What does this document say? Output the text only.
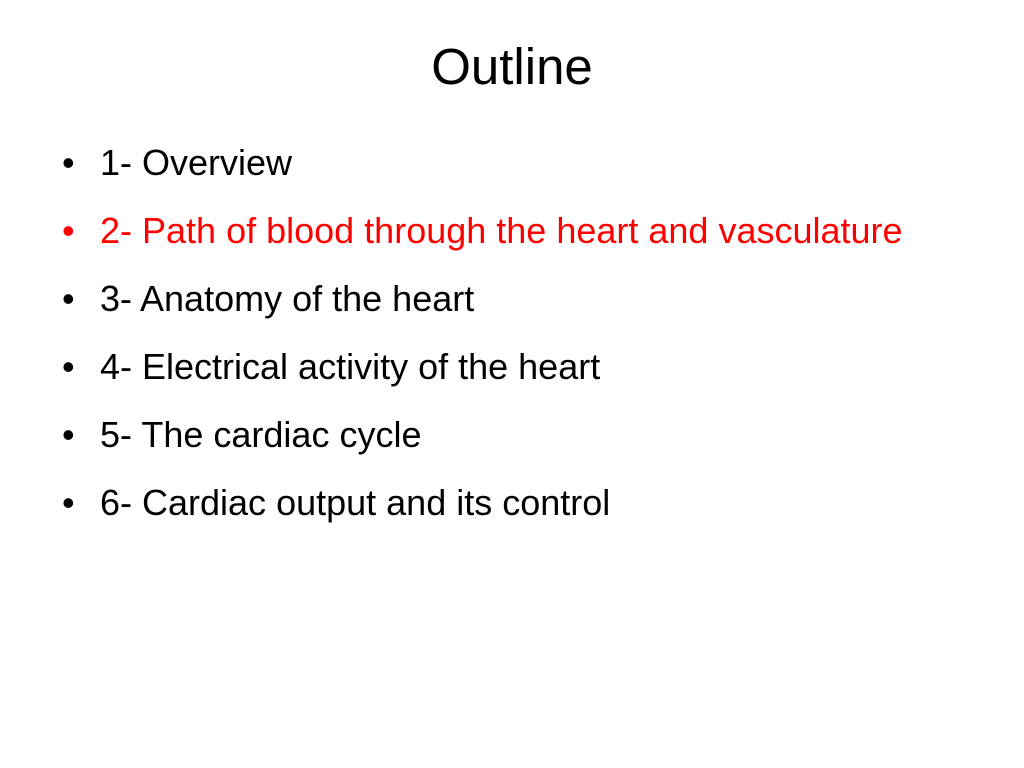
Outline
• 1- Overview
• 2- Path of blood through the heart and vasculature
• 3- Anatomy of the heart
• 4- Electrical activity of the heart
• 5- The cardiac cycle
• 6- Cardiac output and its control
